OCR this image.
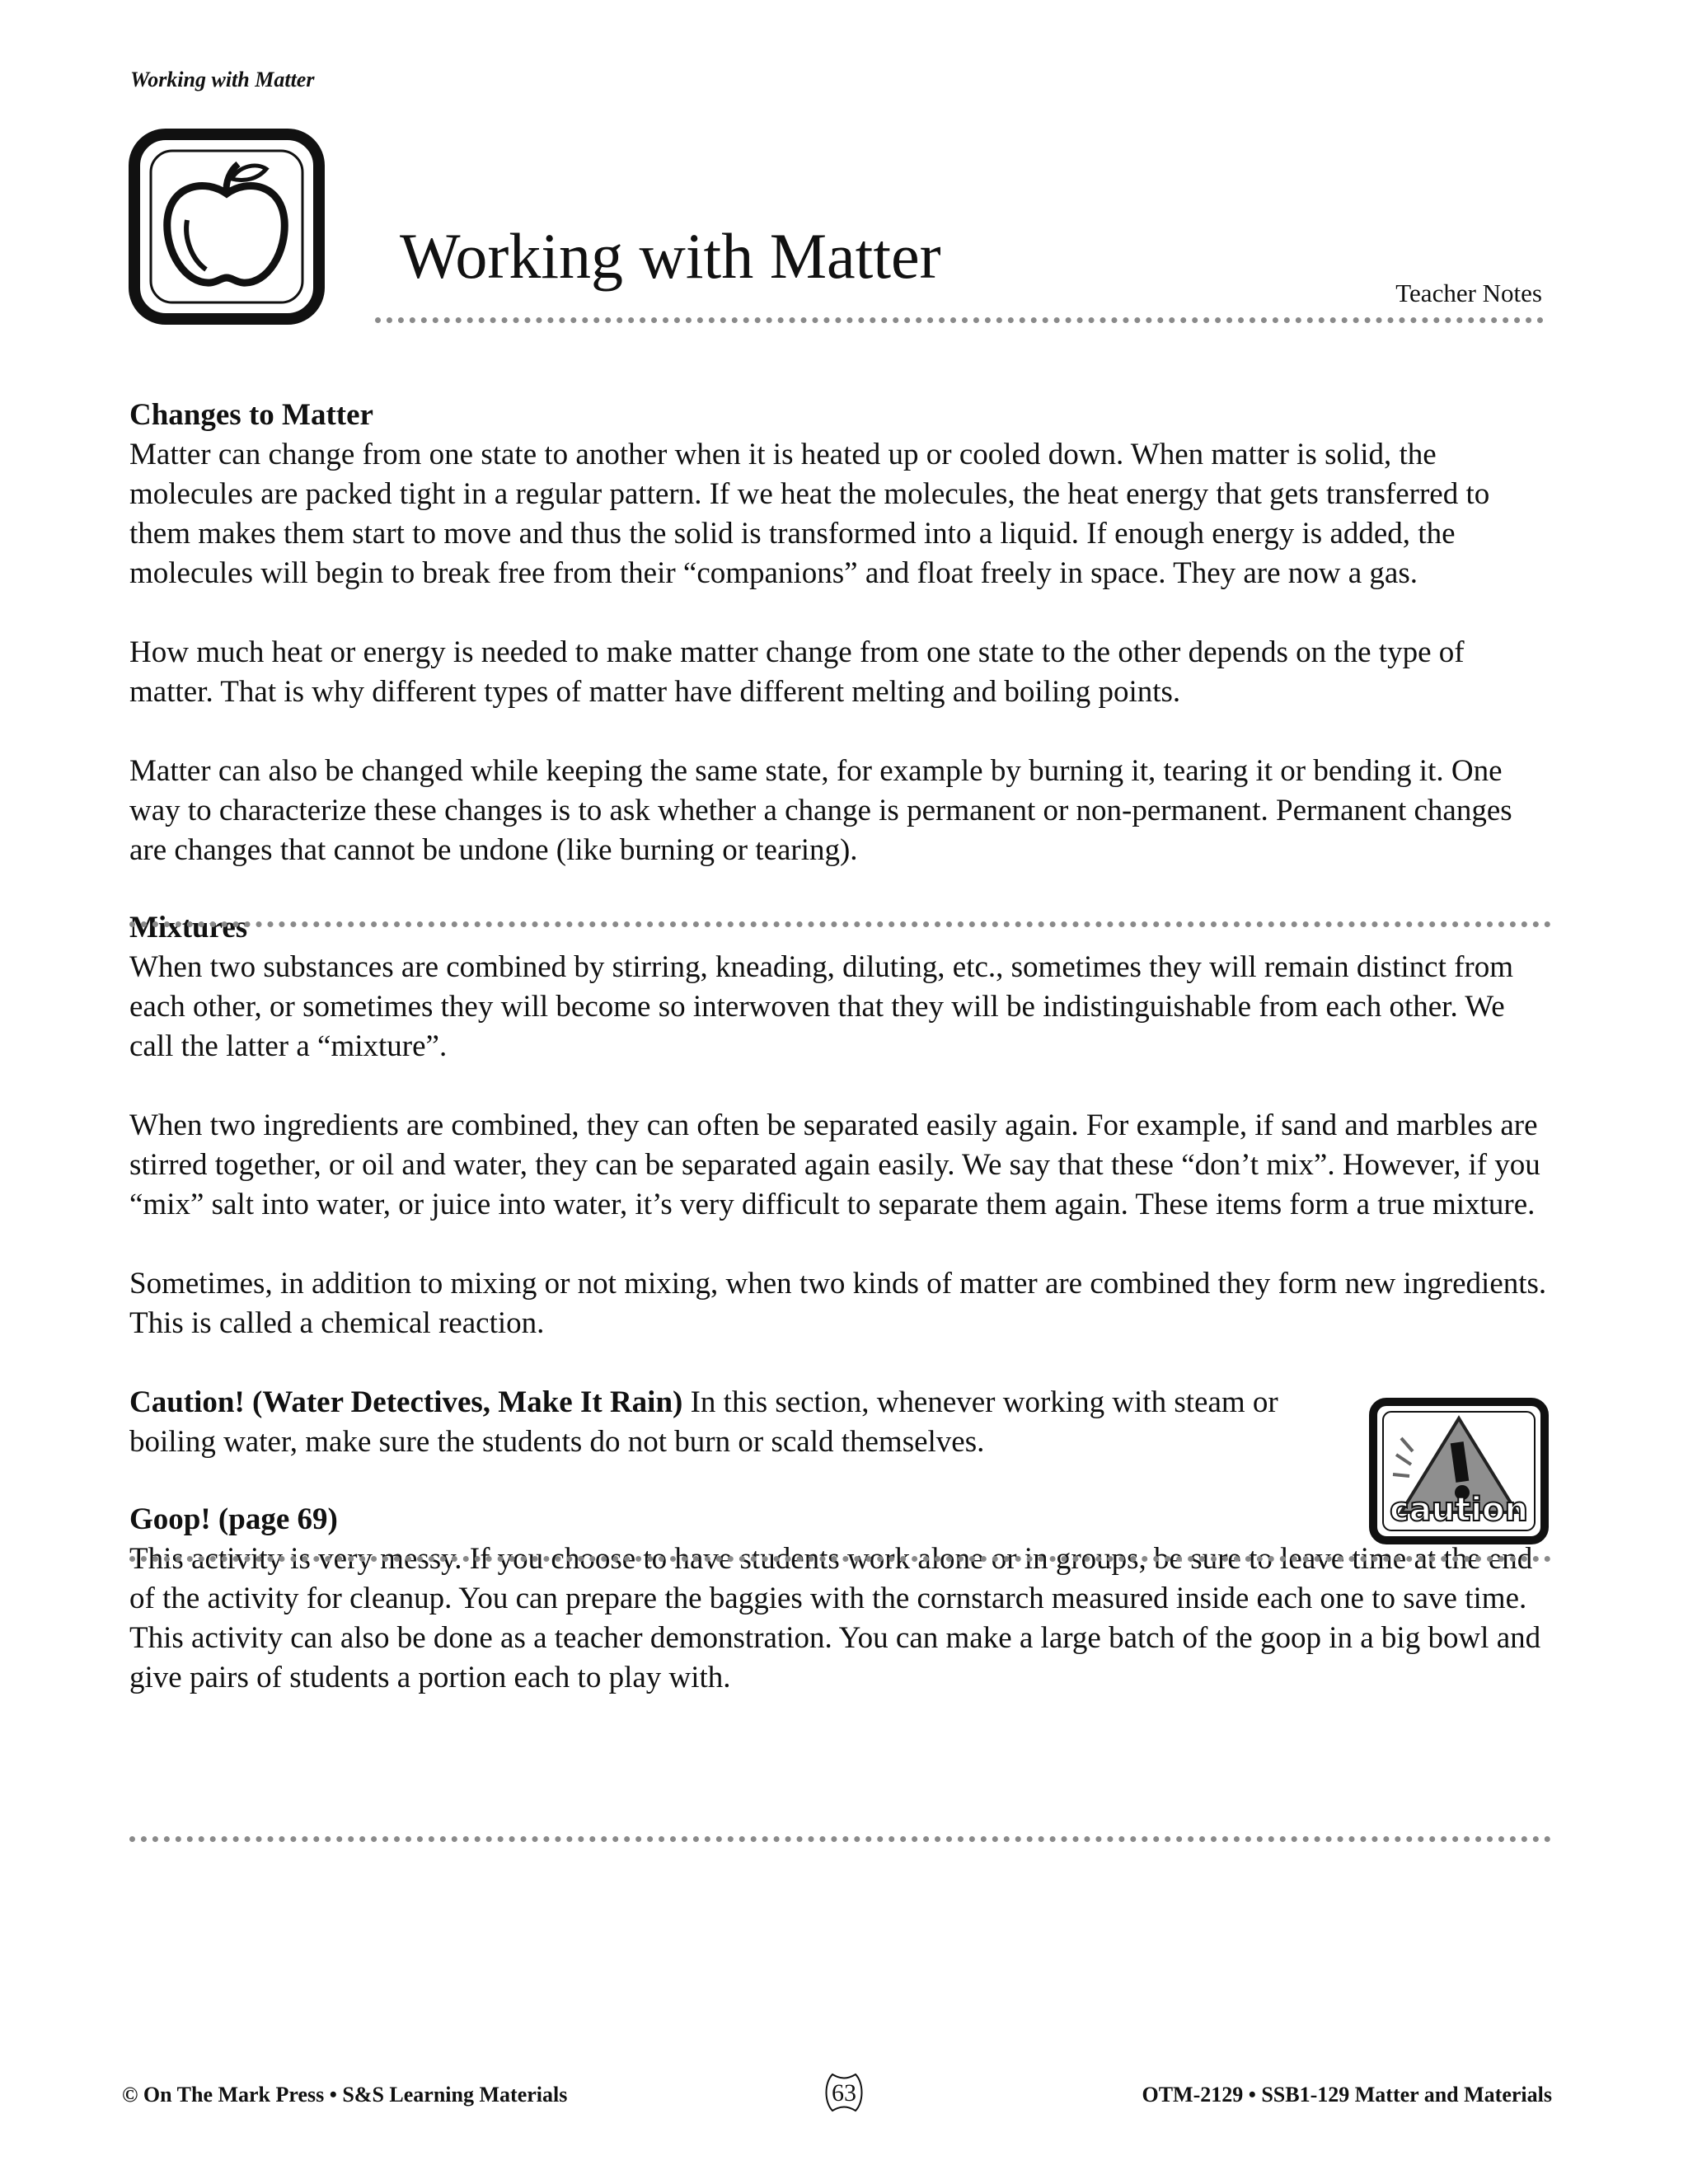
Working with Matter
Working with Matter
Teacher Notes
Changes to Matter

Matter can change from one state to another when it is heated up or cooled down. When matter is solid, the molecules are packed tight in a regular pattern. If we heat the molecules, the heat energy that gets transferred to them makes them start to move and thus the solid is transformed into a liquid. If enough energy is added, the molecules will begin to break free from their “companions” and float freely in space. They are now a gas.

How much heat or energy is needed to make matter change from one state to the other depends on the type of matter. That is why different types of matter have different melting and boiling points.

Matter can also be changed while keeping the same state, for example by burning it, tearing it or bending it. One way to characterize these changes is to ask whether a change is permanent or non-permanent. Permanent changes are changes that cannot be undone (like burning or tearing).

Mixtures

When two substances are combined by stirring, kneading, diluting, etc., sometimes they will remain distinct from each other, or sometimes they will become so interwoven that they will be indistinguishable from each other. We call the latter a “mixture”.

When two ingredients are combined, they can often be separated easily again. For example, if sand and marbles are stirred together, or oil and water, they can be separated again easily. We say that these “don’t mix”. However, if you “mix” salt into water, or juice into water, it’s very difficult to separate them again. These items form a true mixture.

Sometimes, in addition to mixing or not mixing, when two kinds of matter are combined they form new ingredients. This is called a chemical reaction.

Caution! (Water Detectives, Make It Rain) In this section, whenever working with steam or boiling water, make sure the students do not burn or scald themselves.

Goop! (page 69)

This activity is very messy. If you choose to have students work alone or in groups, be sure to leave time at the end of the activity for cleanup. You can prepare the baggies with the cornstarch measured inside each one to save time. This activity can also be done as a teacher demonstration. You can make a large batch of the goop in a big bowl and give pairs of students a portion each to play with.

caution
© On The Mark Press • S&S Learning Materials	63	OTM-2129 • SSB1-129 Matter and Materials
